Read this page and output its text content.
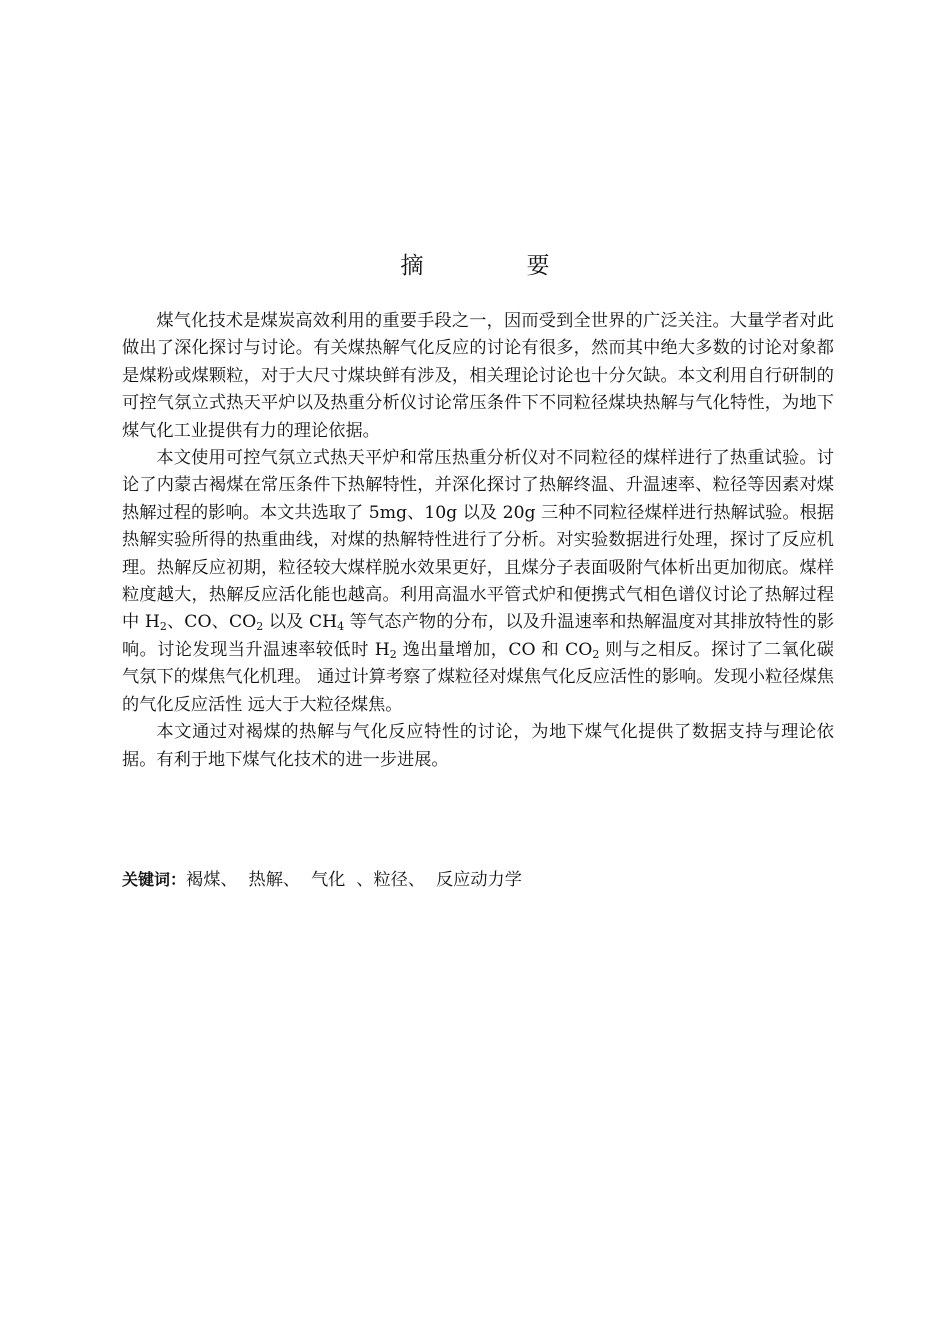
摘　要

煤气化技术是煤炭高效利用的重要手段之一，因而受到全世界的广泛关注。大量学者对此做出了深化探讨与讨论。有关煤热解气化反应的讨论有很多，然而其中绝大多数的讨论对象都是煤粉或煤颗粒，对于大尺寸煤块鲜有涉及，相关理论讨论也十分欠缺。本文利用自行研制的可控气氛立式热天平炉以及热重分析仪讨论常压条件下不同粒径煤块热解与气化特性，为地下煤气化工业提供有力的理论依据。

本文使用可控气氛立式热天平炉和常压热重分析仪对不同粒径的煤样进行了热重试验。讨论了内蒙古褐煤在常压条件下热解特性，并深化探讨了热解终温、升温速率、粒径等因素对煤热解过程的影响。本文共选取了 5mg、10g 以及 20g 三种不同粒径煤样进行热解试验。根据热解实验所得的热重曲线，对煤的热解特性进行了分析。对实验数据进行处理，探讨了反应机理。热解反应初期，粒径较大煤样脱水效果更好，且煤分子表面吸附气体析出更加彻底。煤样粒度越大，热解反应活化能也越高。利用高温水平管式炉和便携式气相色谱仪讨论了热解过程中 $H_2$、CO、$CO_2$ 以及 $CH_4$ 等气态产物的分布，以及升温速率和热解温度对其排放特性的影响。讨论发现当升温速率较低时 $H_2$ 逸出量增加，CO 和 $CO_2$ 则与之相反。探讨了二氧化碳气氛下的煤焦气化机理。 通过计算考察了煤粒径对煤焦气化反应活性的影响。发现小粒径煤焦的气化反应活性 远大于大粒径煤焦。

本文通过对褐煤的热解与气化反应特性的讨论，为地下煤气化提供了数据支持与理论依据。有利于地下煤气化技术的进一步进展。

关键词：褐煤、  热解、  气化  、粒径、  反应动力学
